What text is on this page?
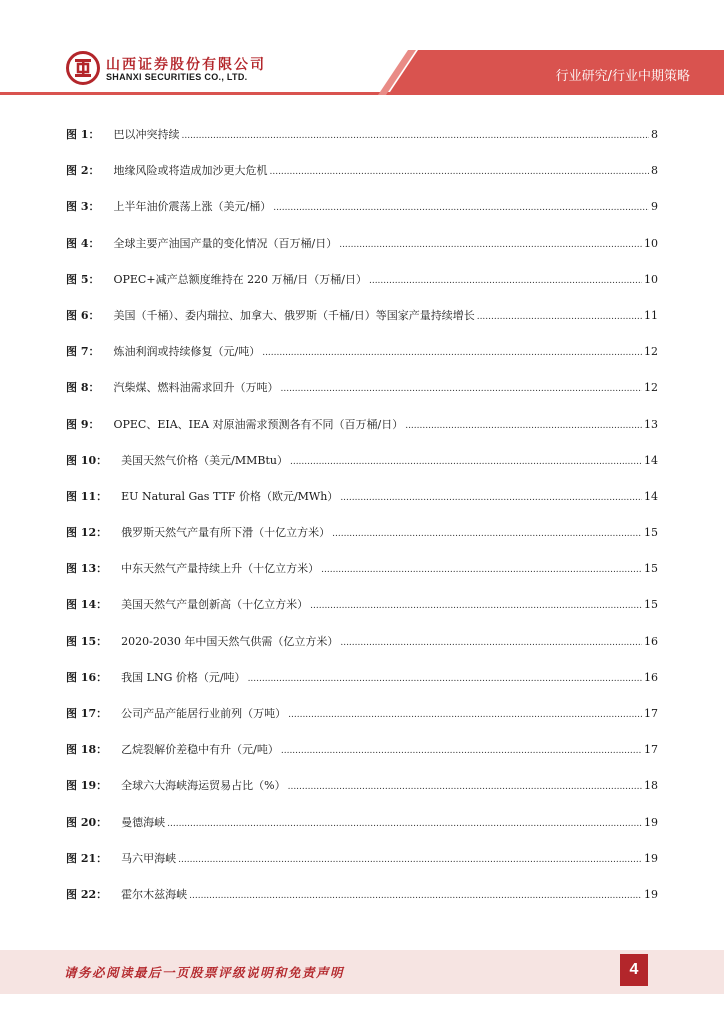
山西证券股份有限公司
SHANXI SECURITIES CO., LTD.	行业研究/行业中期策略
图 1： 巴以冲突持续 .....	8
图 2： 地缘风险或将造成加沙更大危机 .....	8
图 3： 上半年油价震荡上涨（美元/桶） .....	9
图 4： 全球主要产油国产量的变化情况（百万桶/日） .....	10
图 5： OPEC+减产总额度维持在 220 万桶/日（万桶/日） .....	10
图 6： 美国（千桶）、委内瑞拉、加拿大、俄罗斯（千桶/日）等国家产量持续增长 .....	11
图 7： 炼油利润或持续修复（元/吨） .....	12
图 8： 汽柴煤、燃料油需求回升（万吨） .....	12
图 9： OPEC、EIA、IEA 对原油需求预测各有不同（百万桶/日） .....	13
图 10： 美国天然气价格（美元/MMBtu） .....	14
图 11： EU Natural Gas TTF 价格（欧元/MWh） .....	14
图 12： 俄罗斯天然气产量有所下滑（十亿立方米） .....	15
图 13： 中东天然气产量持续上升（十亿立方米） .....	15
图 14： 美国天然气产量创新高（十亿立方米） .....	15
图 15： 2020-2030 年中国天然气供需（亿立方米） .....	16
图 16： 我国 LNG 价格（元/吨） .....	16
图 17： 公司产品产能居行业前列（万吨） .....	17
图 18： 乙烷裂解价差稳中有升（元/吨） .....	17
图 19： 全球六大海峡海运贸易占比（%） .....	18
图 20： 曼德海峡 .....	19
图 21： 马六甲海峡 .....	19
图 22： 霍尔木兹海峡 .....	19
请务必阅读最后一页股票评级说明和免责声明	4
